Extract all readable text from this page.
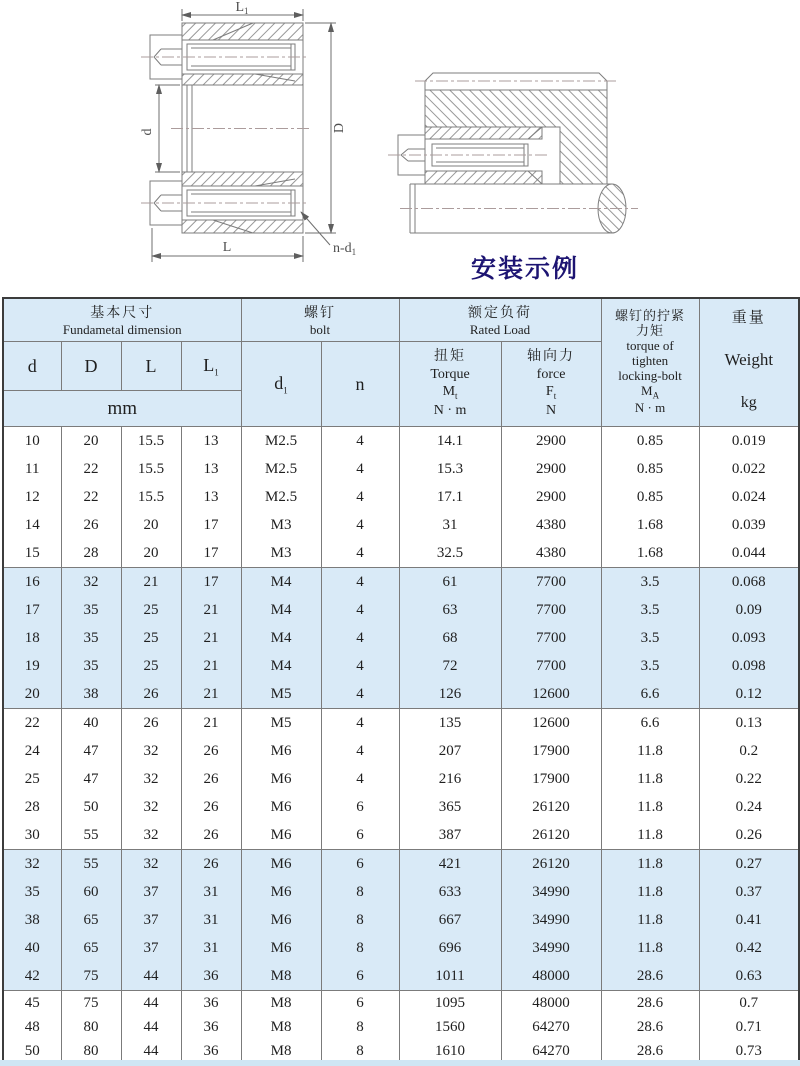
$L_1$
d	D
L	$n-d_1$
安装示例
基本尺寸
Fundametal dimension

螺钉
bolt

额定负荷
Rated Load

螺钉的拧紧
力矩
torque of
tighten
locking-bolt
$M_A$
N · m

重量
Weight
kg

d	D	L	$L_1$	$d_1$	n	
扭矩
Torque
$M_t$
N · m

轴向力
force
$F_t$
N

mm									
10	20	15.5	13	M2.5	4	14.1	2900	0.85	0.019
11	22	15.5	13	M2.5	4	15.3	2900	0.85	0.022
12	22	15.5	13	M2.5	4	17.1	2900	0.85	0.024
14	26	20	17	M3	4	31	4380	1.68	0.039
15	28	20	17	M3	4	32.5	4380	1.68	0.044
16	32	21	17	M4	4	61	7700	3.5	0.068
17	35	25	21	M4	4	63	7700	3.5	0.09
18	35	25	21	M4	4	68	7700	3.5	0.093
19	35	25	21	M4	4	72	7700	3.5	0.098
20	38	26	21	M5	4	126	12600	6.6	0.12
22	40	26	21	M5	4	135	12600	6.6	0.13
24	47	32	26	M6	4	207	17900	11.8	0.2
25	47	32	26	M6	4	216	17900	11.8	0.22
28	50	32	26	M6	6	365	26120	11.8	0.24
30	55	32	26	M6	6	387	26120	11.8	0.26
32	55	32	26	M6	6	421	26120	11.8	0.27
35	60	37	31	M6	8	633	34990	11.8	0.37
38	65	37	31	M6	8	667	34990	11.8	0.41
40	65	37	31	M6	8	696	34990	11.8	0.42
42	75	44	36	M8	6	1011	48000	28.6	0.63
45	75	44	36	M8	6	1095	48000	28.6	0.7
48	80	44	36	M8	8	1560	64270	28.6	0.71
50	80	44	36	M8	8	1610	64270	28.6	0.73
